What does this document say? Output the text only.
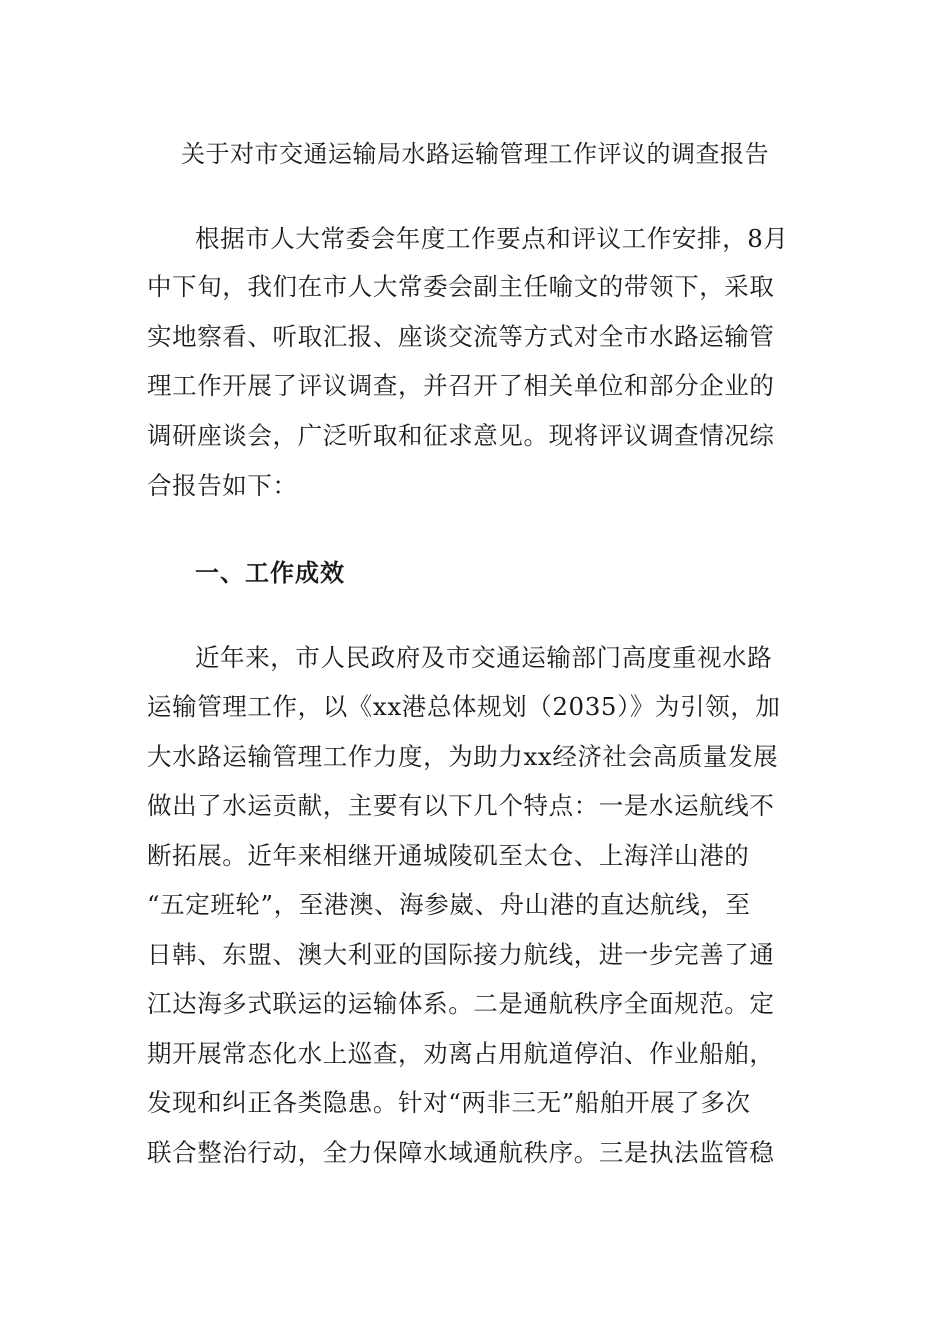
关于对市交通运输局水路运输管理工作评议的调查报告
根据市人大常委会年度工作要点和评议工作安排，8月
中下旬，我们在市人大常委会副主任喻文的带领下，采取
实地察看、听取汇报、座谈交流等方式对全市水路运输管
理工作开展了评议调查，并召开了相关单位和部分企业的
调研座谈会，广泛听取和征求意见。现将评议调查情况综
合报告如下：
一、工作成效
近年来，市人民政府及市交通运输部门高度重视水路
运输管理工作，以《xx港总体规划（2035）》为引领，加
大水路运输管理工作力度，为助力xx经济社会高质量发展
做出了水运贡献，主要有以下几个特点：一是水运航线不
断拓展。近年来相继开通城陵矶至太仓、上海洋山港的
“五定班轮”，至港澳、海参崴、舟山港的直达航线，至
日韩、东盟、澳大利亚的国际接力航线，进一步完善了通
江达海多式联运的运输体系。二是通航秩序全面规范。定
期开展常态化水上巡查，劝离占用航道停泊、作业船舶，
发现和纠正各类隐患。针对“两非三无”船舶开展了多次
联合整治行动，全力保障水域通航秩序。三是执法监管稳
